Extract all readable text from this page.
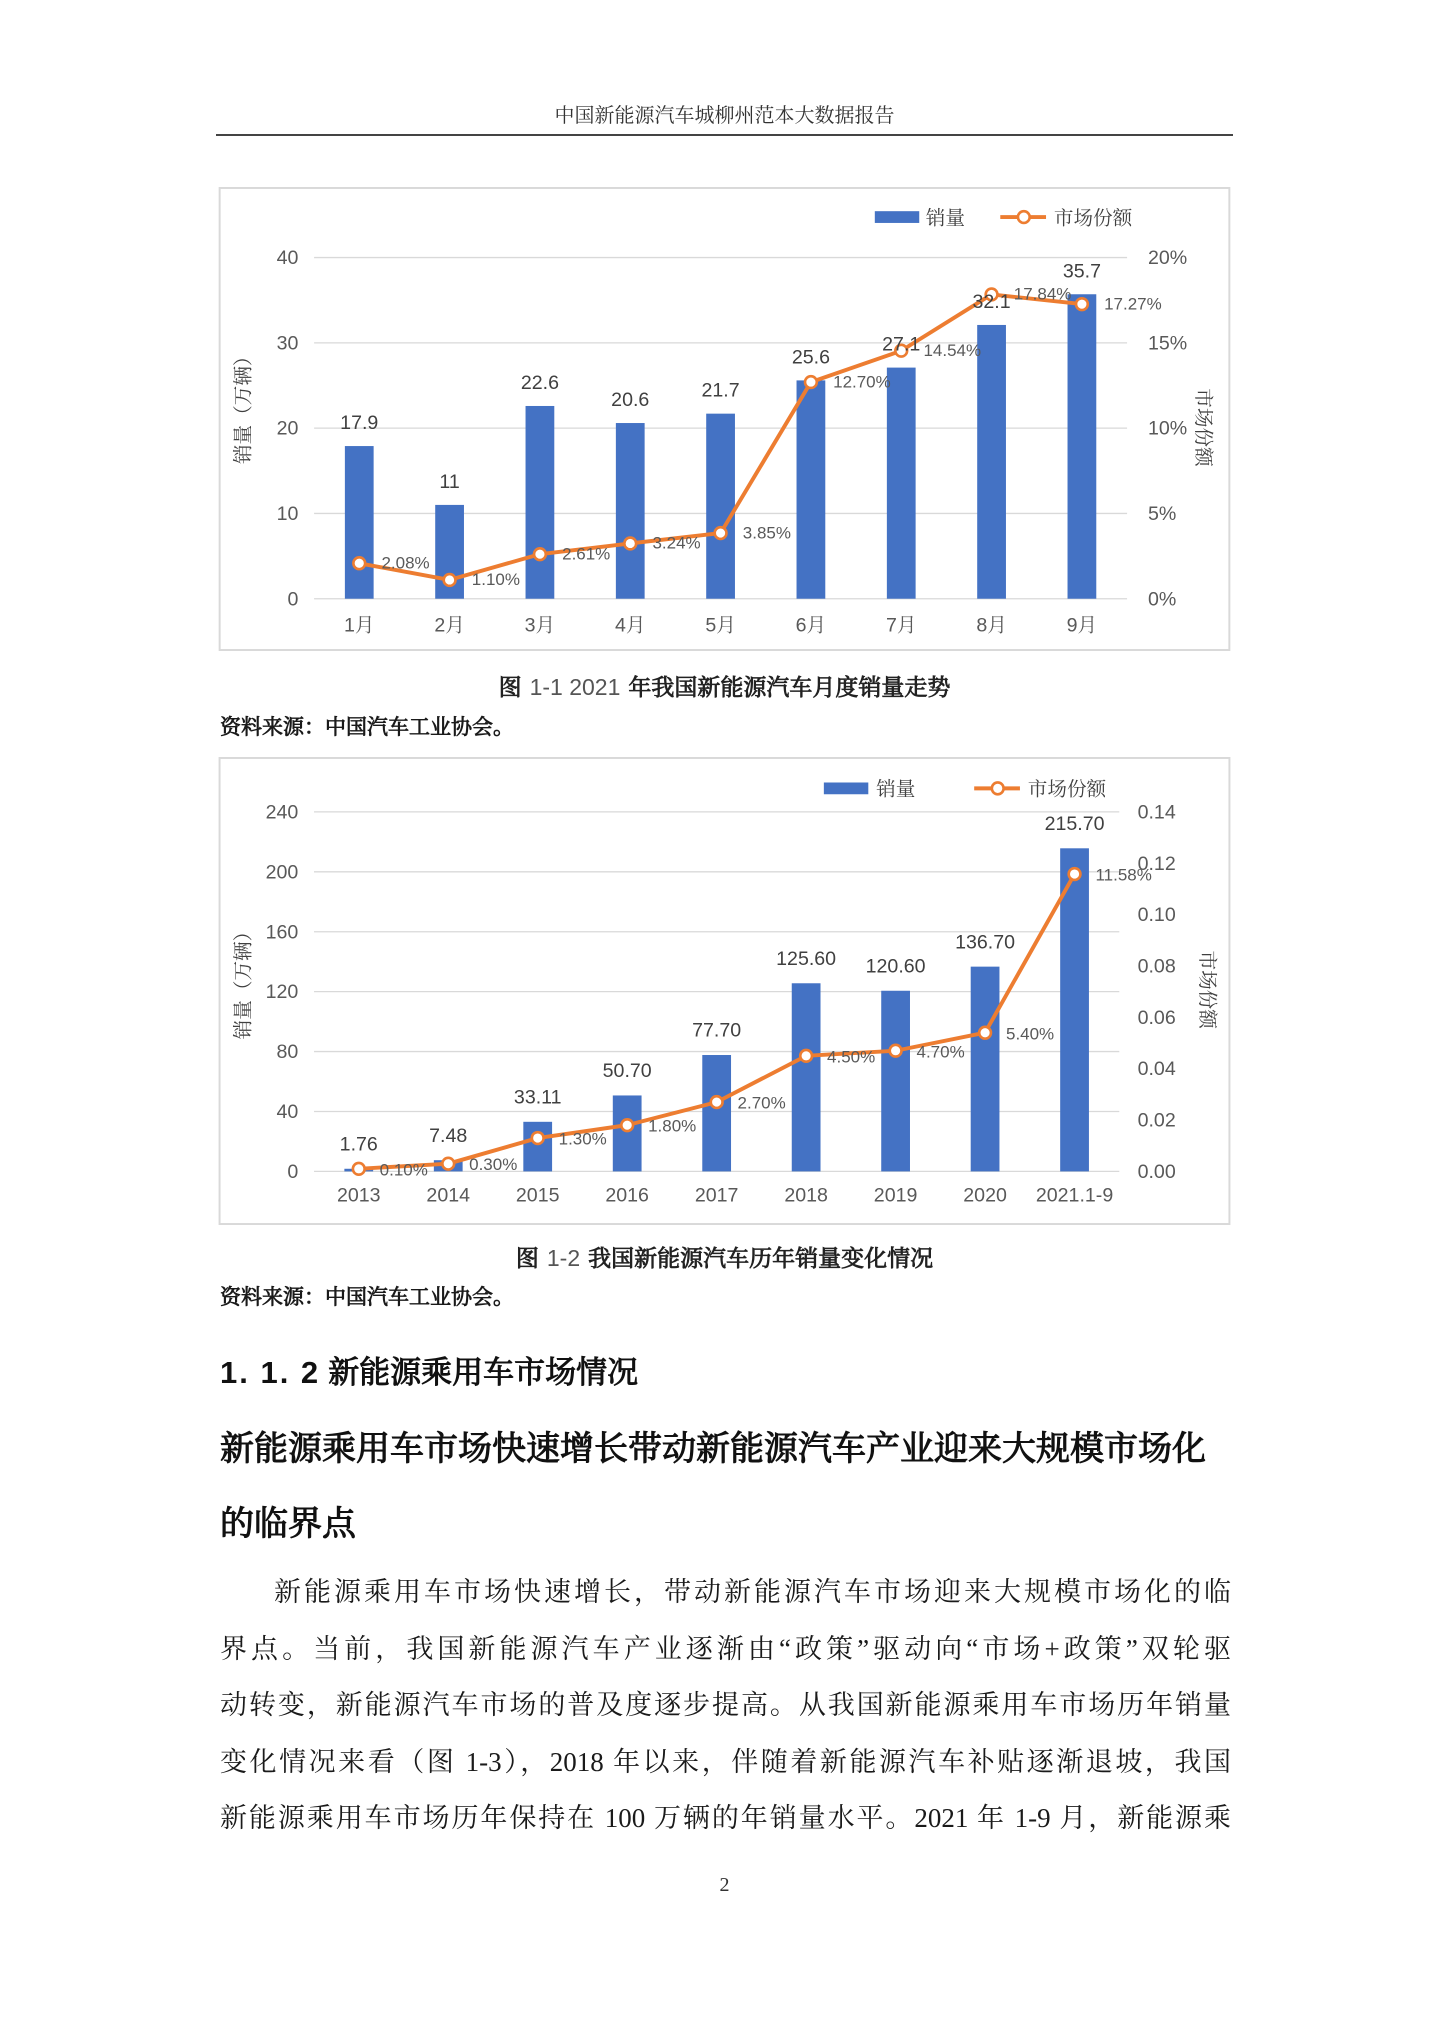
中国新能源汽车城柳州范本大数据报告
0
10
20
30
40
0%
5%
10%
15%
20%
17.9
11
22.6
20.6	21.7
25.6
27.1
32.1
35.7
2.08%
1.10%
2.61%
3.24%
3.85%
12.70%
14.54%
17.84%
17.27%
1月	2月	3月	4月	5月	6月	7月	8月	9月
销量（万辆）	市场份额
销量	市场份额
图 1-1 2021 年我国新能源汽车月度销量走势
资料来源：中国汽车工业协会。
0
40
80
120
160
200
240
0.00
0.02
0.04
0.06
0.08
0.10
0.12
0.14
1.76	7.48
33.11
50.70
77.70
125.60 120.60
136.70
215.70
0.10%	0.30%
1.30%
1.80%
2.70%
4.50%	4.70%
5.40%
11.58%
2013	2014	2015	2016	2017	2018	2019	2020 2021.1-9
销量（万辆）	市场份额
销量	市场份额
图 1-2 我国新能源汽车历年销量变化情况
资料来源：中国汽车工业协会。
1. 1. 2 新能源乘用车市场情况
新能源乘用车市场快速增长带动新能源汽车产业迎来大规模市场化
的临界点
新能源乘用车市场快速增长，带动新能源汽车市场迎来大规模市场化的临
界点。当前，我国新能源汽车产业逐渐由“政策”驱动向“市场+政策”双轮驱
动转变，新能源汽车市场的普及度逐步提高。从我国新能源乘用车市场历年销量
变化情况来看（图 1-3），2018 年以来，伴随着新能源汽车补贴逐渐退坡，我国
新能源乘用车市场历年保持在 100 万辆的年销量水平。2021 年 1-9 月，新能源乘
2
